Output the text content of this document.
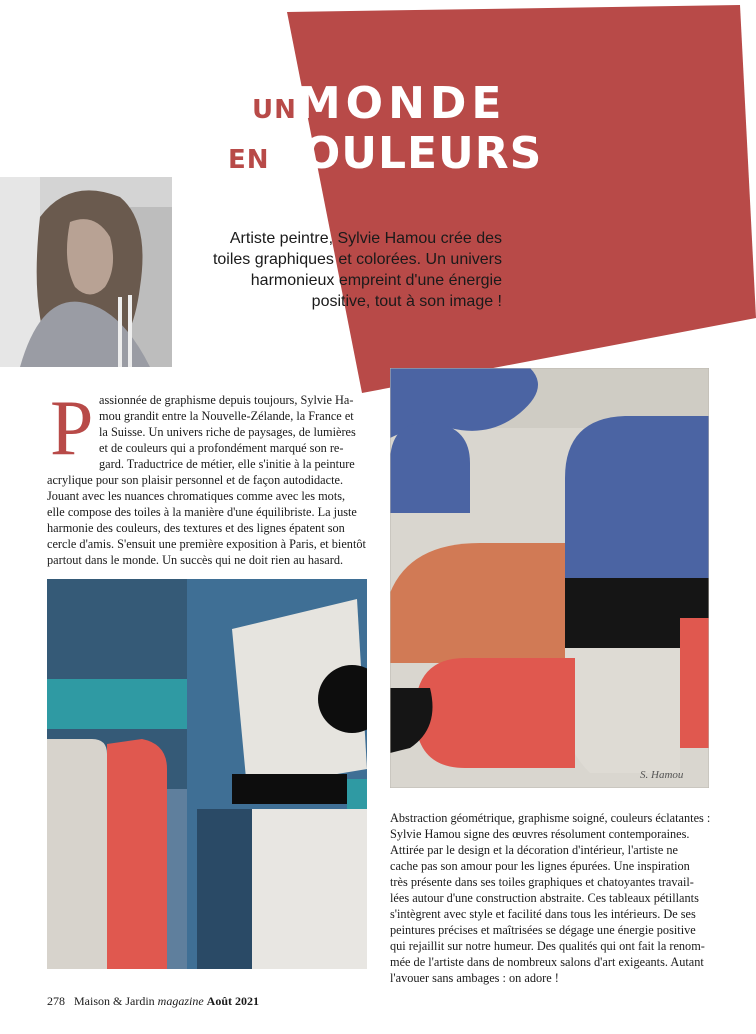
UNMONDE
ENCOULEURS
Artiste peintre, Sylvie Hamou crée des
toiles graphiques et colorées. Un univers
harmonieux empreint d'une énergie
positive, tout à son image !
P assionnée de graphisme depuis toujours, Sylvie Ha-
mou grandit entre la Nouvelle-Zélande, la France et
la Suisse. Un univers riche de paysages, de lumières
et de couleurs qui a profondément marqué son re-
gard. Traductrice de métier, elle s'initie à la peinture
acrylique pour son plaisir personnel et de façon autodidacte.
Jouant avec les nuances chromatiques comme avec les mots,
elle compose des toiles à la manière d'une équilibriste. La juste
harmonie des couleurs, des textures et des lignes épatent son
cercle d'amis. S'ensuit une première exposition à Paris, et bientôt
partout dans le monde. Un succès qui ne doit rien au hasard.
S. Hamou
Abstraction géométrique, graphisme soigné, couleurs éclatantes :
Sylvie Hamou signe des œuvres résolument contemporaines.
Attirée par le design et la décoration d'intérieur, l'artiste ne
cache pas son amour pour les lignes épurées. Une inspiration
très présente dans ses toiles graphiques et chatoyantes travail-
lées autour d'une construction abstraite. Ces tableaux pétillants
s'intègrent avec style et facilité dans tous les intérieurs. De ses
peintures précises et maîtrisées se dégage une énergie positive
qui rejaillit sur notre humeur. Des qualités qui ont fait la renom-
mée de l'artiste dans de nombreux salons d'art exigeants. Autant
l'avouer sans ambages : on adore !
278 Maison & Jardin magazine Août 2021
